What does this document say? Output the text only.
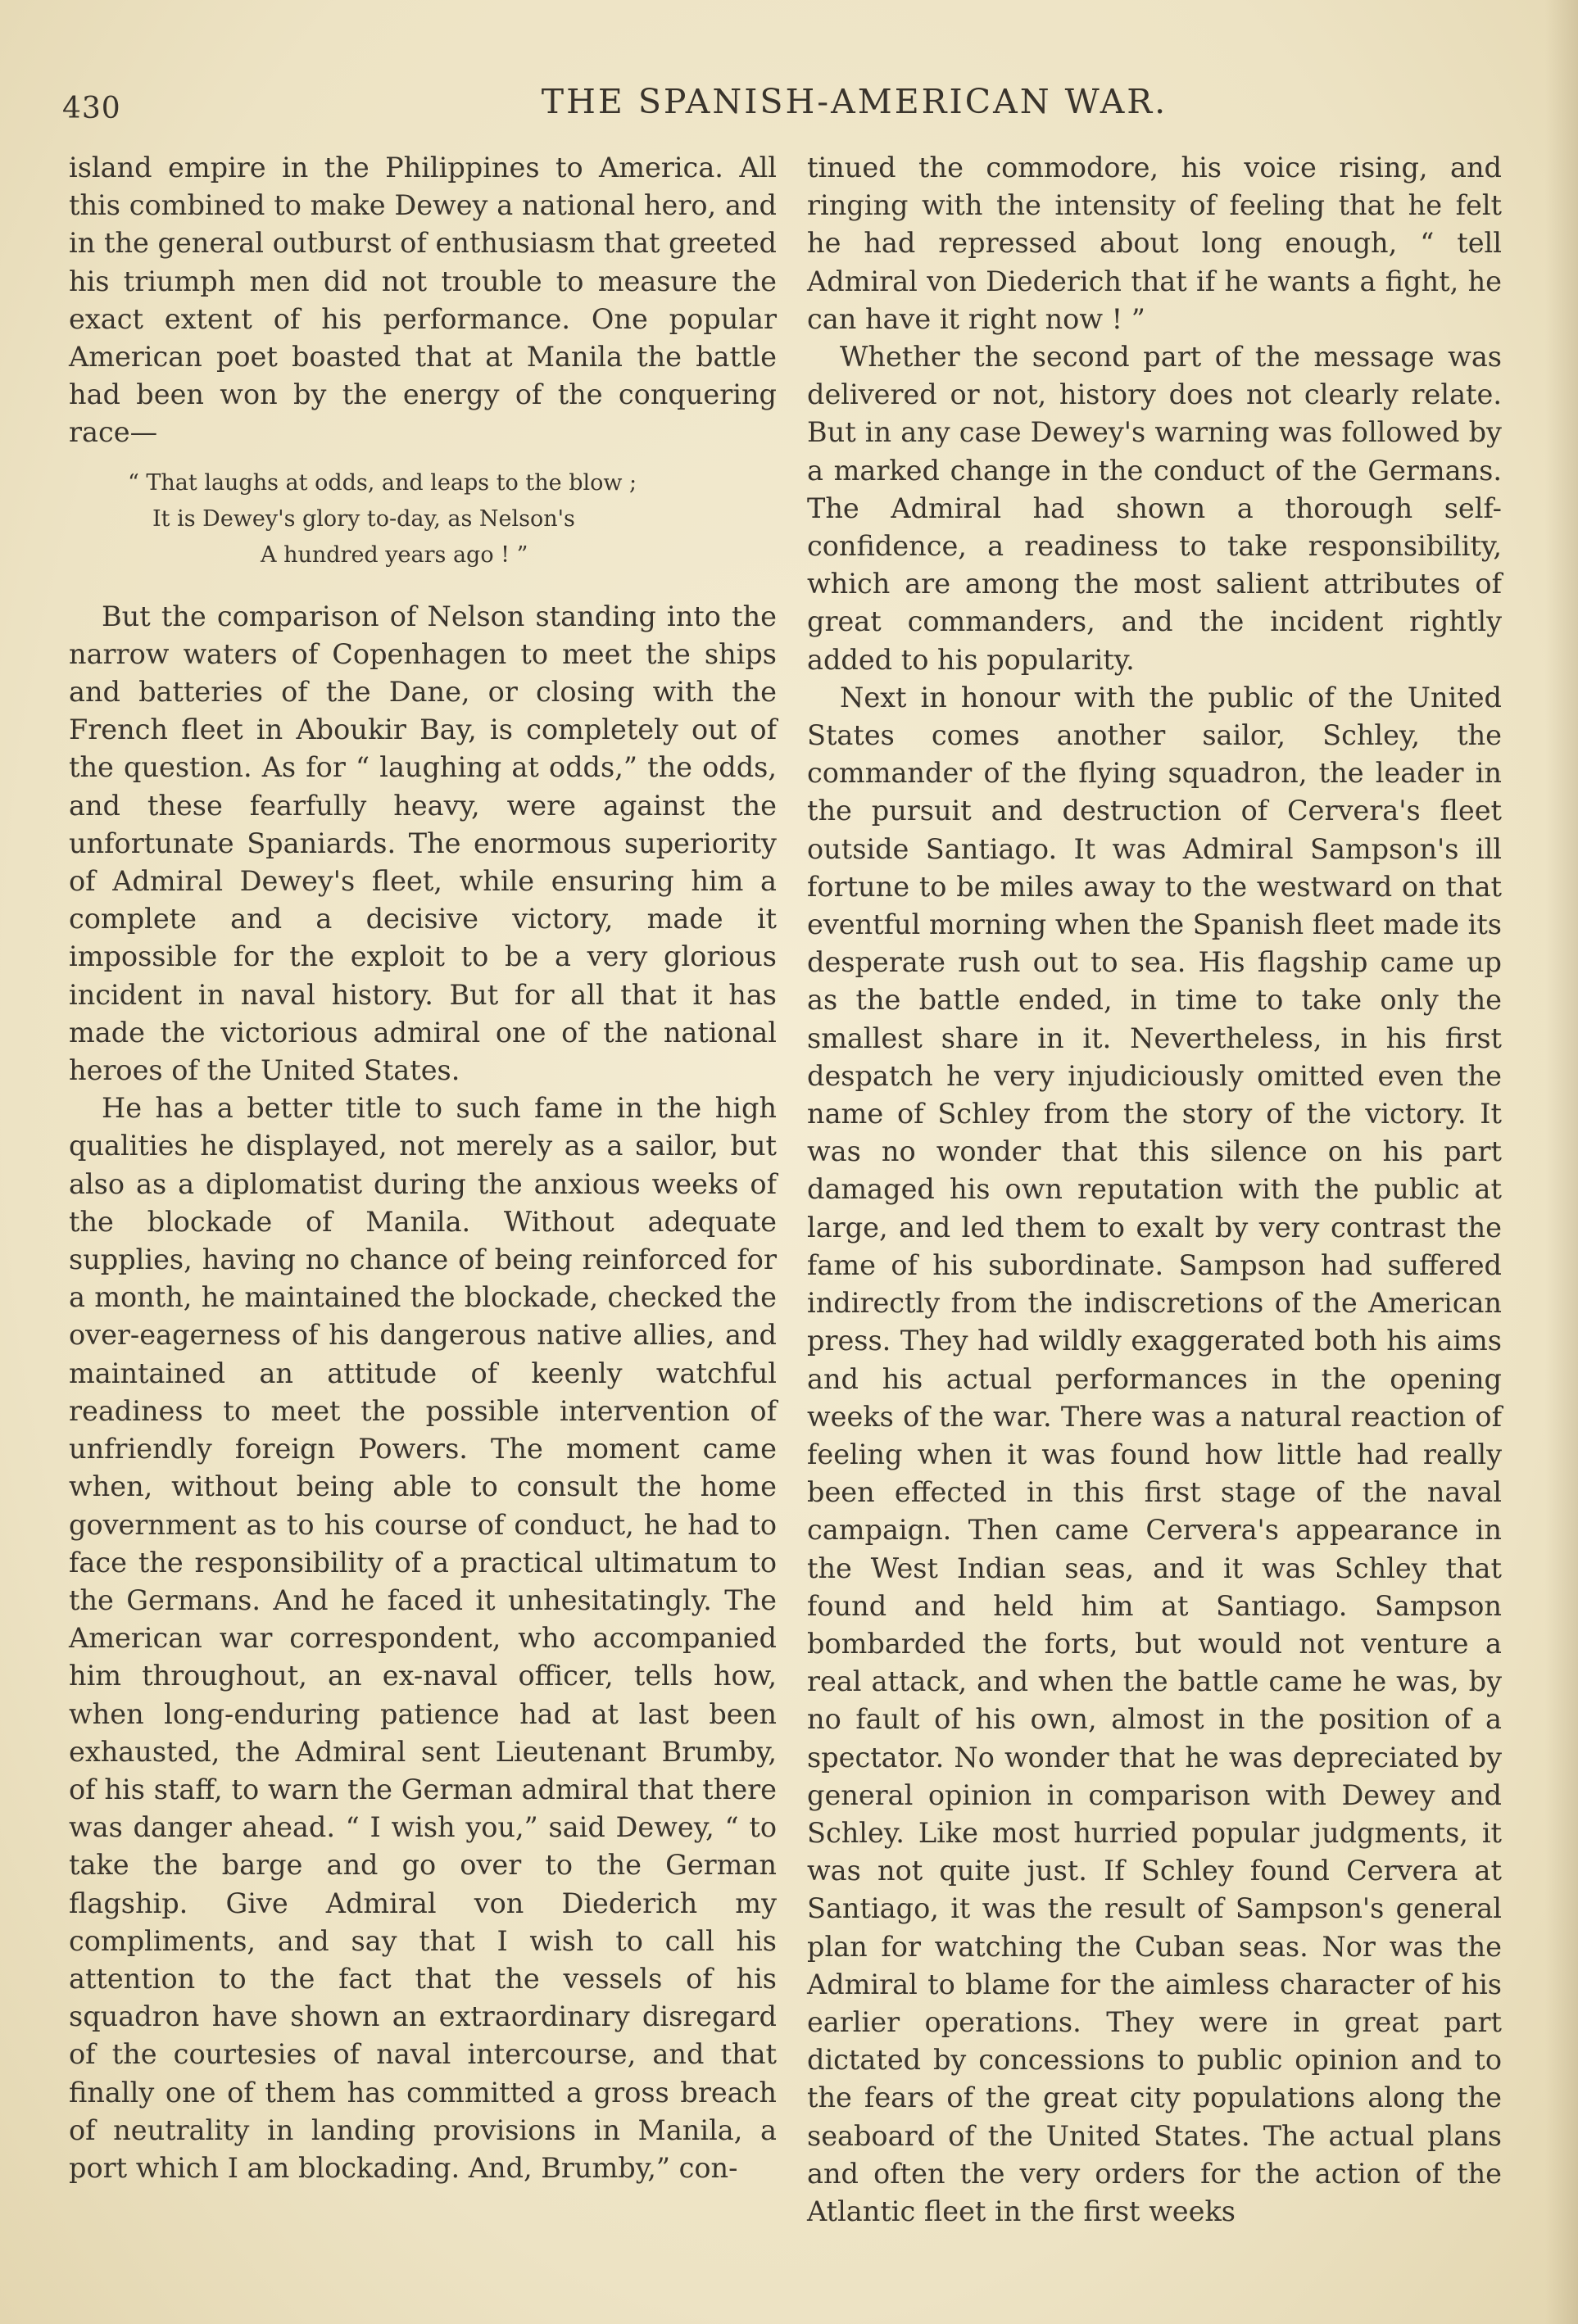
430	THE SPANISH-AMERICAN WAR.

island empire in the Philippines to America. All this combined to make Dewey a national hero, and in the general outburst of enthusiasm that greeted his triumph men did not trouble to measure the exact extent of his performance. One popular American poet boasted that at Manila the battle had been won by the energy of the conquering race—

“ That laughs at odds, and leaps to the blow ;
It is Dewey's glory to-day, as Nelson's
A hundred years ago ! ”

But the comparison of Nelson standing into the narrow waters of Copenhagen to meet the ships and batteries of the Dane, or closing with the French fleet in Aboukir Bay, is completely out of the question. As for “ laughing at odds,” the odds, and these fearfully heavy, were against the unfortunate Spaniards. The enormous superiority of Admiral Dewey's fleet, while ensuring him a complete and a decisive victory, made it impossible for the exploit to be a very glorious incident in naval history. But for all that it has made the victorious admiral one of the national heroes of the United States.

He has a better title to such fame in the high qualities he displayed, not merely as a sailor, but also as a diplomatist during the anxious weeks of the blockade of Manila. Without adequate supplies, having no chance of being reinforced for a month, he maintained the blockade, checked the over-eagerness of his dangerous native allies, and maintained an attitude of keenly watchful readiness to meet the possible intervention of unfriendly foreign Powers. The moment came when, without being able to consult the home government as to his course of conduct, he had to face the responsibility of a practical ultimatum to the Germans. And he faced it unhesitatingly. The American war correspondent, who accompanied him throughout, an ex-naval officer, tells how, when long-enduring patience had at last been exhausted, the Admiral sent Lieutenant Brumby, of his staff, to warn the German admiral that there was danger ahead. “ I wish you,” said Dewey, “ to take the barge and go over to the German flagship. Give Admiral von Diederich my compliments, and say that I wish to call his attention to the fact that the vessels of his squadron have shown an extraordinary disregard of the courtesies of naval intercourse, and that finally one of them has committed a gross breach of neutrality in landing provisions in Manila, a port which I am blockading. And, Brumby,” con-

tinued the commodore, his voice rising, and ringing with the intensity of feeling that he felt he had repressed about long enough, “ tell Admiral von Diederich that if he wants a fight, he can have it right now ! ”

Whether the second part of the message was delivered or not, history does not clearly relate. But in any case Dewey's warning was followed by a marked change in the conduct of the Germans. The Admiral had shown a thorough self-confidence, a readiness to take responsibility, which are among the most salient attributes of great commanders, and the incident rightly added to his popularity.

Next in honour with the public of the United States comes another sailor, Schley, the commander of the flying squadron, the leader in the pursuit and destruction of Cervera's fleet outside Santiago. It was Admiral Sampson's ill fortune to be miles away to the westward on that eventful morning when the Spanish fleet made its desperate rush out to sea. His flagship came up as the battle ended, in time to take only the smallest share in it. Nevertheless, in his first despatch he very injudiciously omitted even the name of Schley from the story of the victory. It was no wonder that this silence on his part damaged his own reputation with the public at large, and led them to exalt by very contrast the fame of his subordinate. Sampson had suffered indirectly from the indiscretions of the American press. They had wildly exaggerated both his aims and his actual performances in the opening weeks of the war. There was a natural reaction of feeling when it was found how little had really been effected in this first stage of the naval campaign. Then came Cervera's appearance in the West Indian seas, and it was Schley that found and held him at Santiago. Sampson bombarded the forts, but would not venture a real attack, and when the battle came he was, by no fault of his own, almost in the position of a spectator. No wonder that he was depreciated by general opinion in comparison with Dewey and Schley. Like most hurried popular judgments, it was not quite just. If Schley found Cervera at Santiago, it was the result of Sampson's general plan for watching the Cuban seas. Nor was the Admiral to blame for the aimless character of his earlier operations. They were in great part dictated by concessions to public opinion and to the fears of the great city populations along the seaboard of the United States. The actual plans and often the very orders for the action of the Atlantic fleet in the first weeks
